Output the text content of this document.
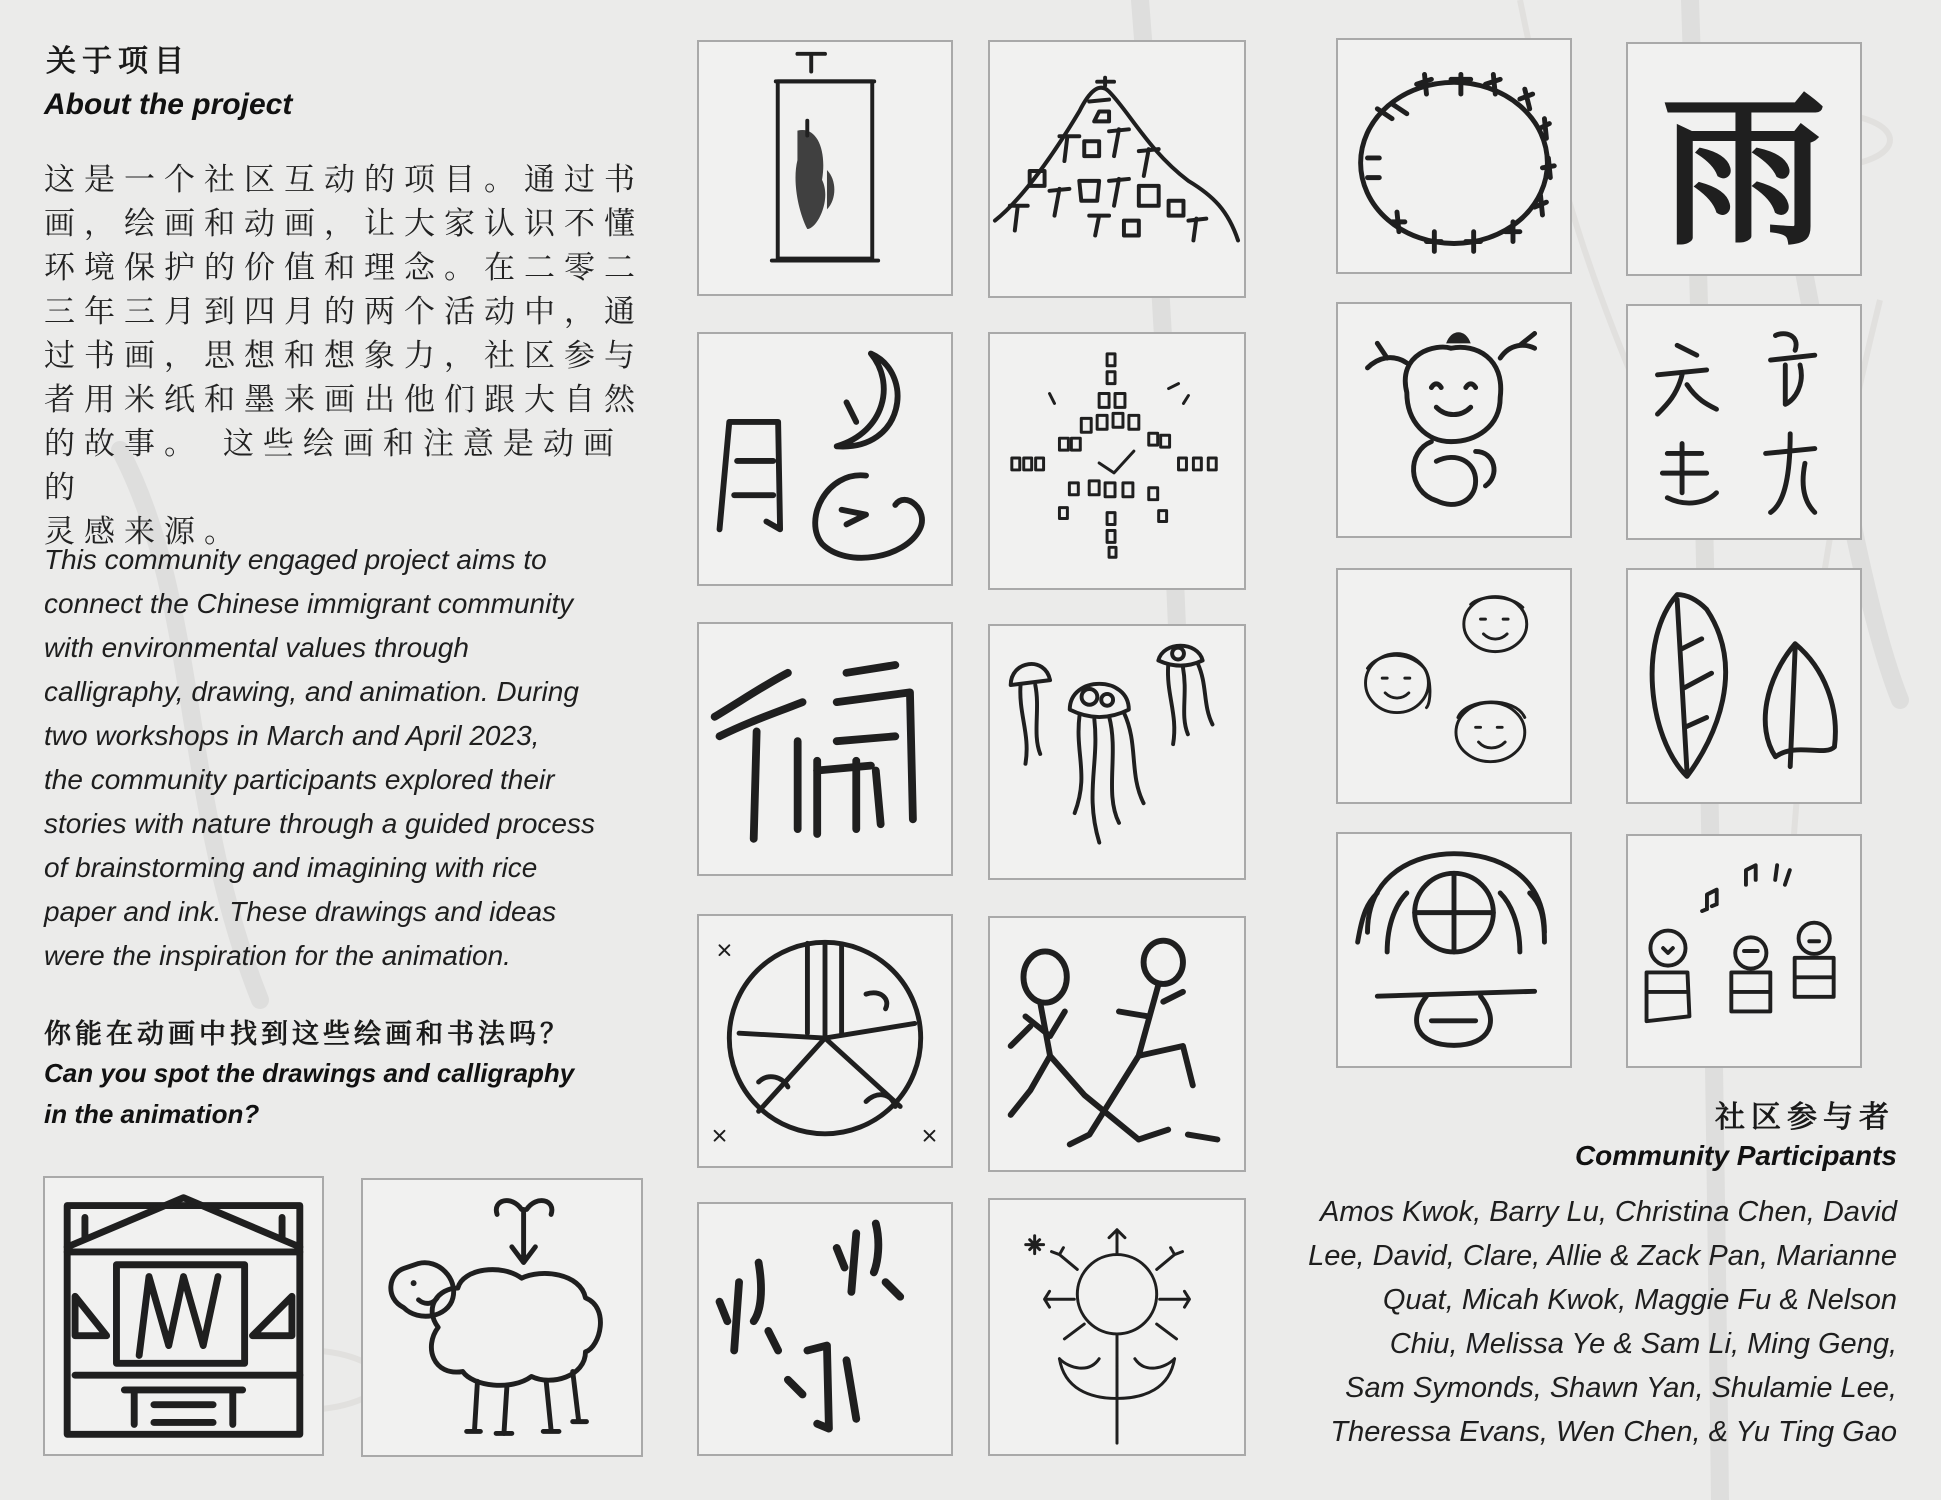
关于项目
About the project
这是一个社区互动的项目。通过书
画，绘画和动画，让大家认识不懂
环境保护的价值和理念。在二零二
三年三月到四月的两个活动中，通
过书画，思想和想象力，社区参与
者用米纸和墨来画出他们跟大自然
的故事。 这些绘画和注意是动画的
灵感来源。
This community engaged project aims to
connect the Chinese immigrant community
with environmental values through
calligraphy, drawing, and animation. During
two workshops in March and April 2023,
the community participants explored their
stories with nature through a guided process
of brainstorming and imagining with rice
paper and ink. These drawings and ideas
were the inspiration for the animation.
你能在动画中找到这些绘画和书法吗？
Can you spot the drawings and calligraphy
in the animation?	社区参与者
Community Participants
Amos Kwok, Barry Lu, Christina Chen, David
Lee, David, Clare, Allie & Zack Pan, Marianne
Quat, Micah Kwok, Maggie Fu & Nelson
Chiu, Melissa Ye & Sam Li, Ming Geng,
Sam Symonds, Shawn Yan, Shulamie Lee,
Theressa Evans, Wen Chen, & Yu Ting Gao
雨
